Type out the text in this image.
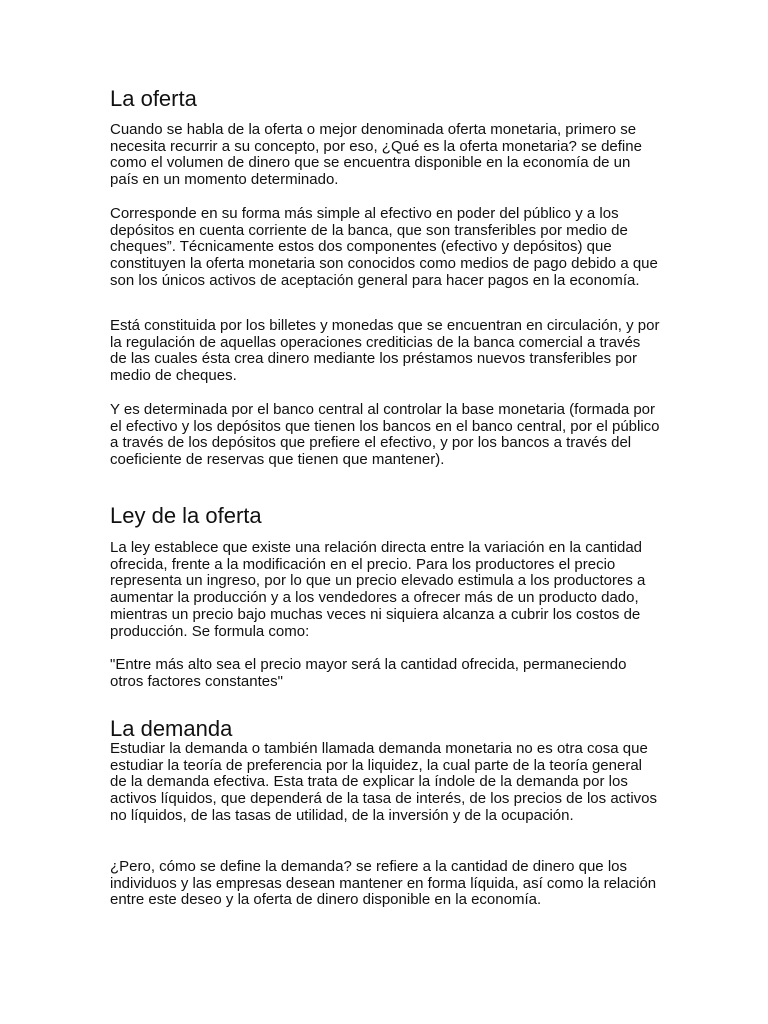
La oferta

Cuando se habla de la oferta o mejor denominada oferta monetaria, primero se necesita recurrir a su concepto, por eso, ¿Qué es la oferta monetaria? se define como el volumen de dinero que se encuentra disponible en la economía de un país en un momento determinado.

Corresponde en su forma más simple al efectivo en poder del público y a los depósitos en cuenta corriente de la banca, que son transferibles por medio de cheques”. Técnicamente estos dos componentes (efectivo y depósitos) que constituyen la oferta monetaria son conocidos como medios de pago debido a que son los únicos activos de aceptación general para hacer pagos en la economía.

Está constituida por los billetes y monedas que se encuentran en circulación, y por la regulación de aquellas operaciones crediticias de la banca comercial a través de las cuales ésta crea dinero mediante los préstamos nuevos transferibles por medio de cheques.

Y es determinada por el banco central al controlar la base monetaria (formada por el efectivo y los depósitos que tienen los bancos en el banco central, por el público a través de los depósitos que prefiere el efectivo, y por los bancos a través del coeficiente de reservas que tienen que mantener).

Ley de la oferta

La ley establece que existe una relación directa entre la variación en la cantidad ofrecida, frente a la modificación en el precio. Para los productores el precio representa un ingreso, por lo que un precio elevado estimula a los productores a aumentar la producción y a los vendedores a ofrecer más de un producto dado, mientras un precio bajo muchas veces ni siquiera alcanza a cubrir los costos de producción. Se formula como:

"Entre más alto sea el precio mayor será la cantidad ofrecida, permaneciendo otros factores constantes"

La demanda

Estudiar la demanda o también llamada demanda monetaria no es otra cosa que estudiar la teoría de preferencia por la liquidez, la cual parte de la teoría general de la demanda efectiva. Esta trata de explicar la índole de la demanda por los activos líquidos, que dependerá de la tasa de interés, de los precios de los activos no líquidos, de las tasas de utilidad, de la inversión y de la ocupación.

¿Pero, cómo se define la demanda? se refiere a la cantidad de dinero que los individuos y las empresas desean mantener en forma líquida, así como la relación entre este deseo y la oferta de dinero disponible en la economía.
